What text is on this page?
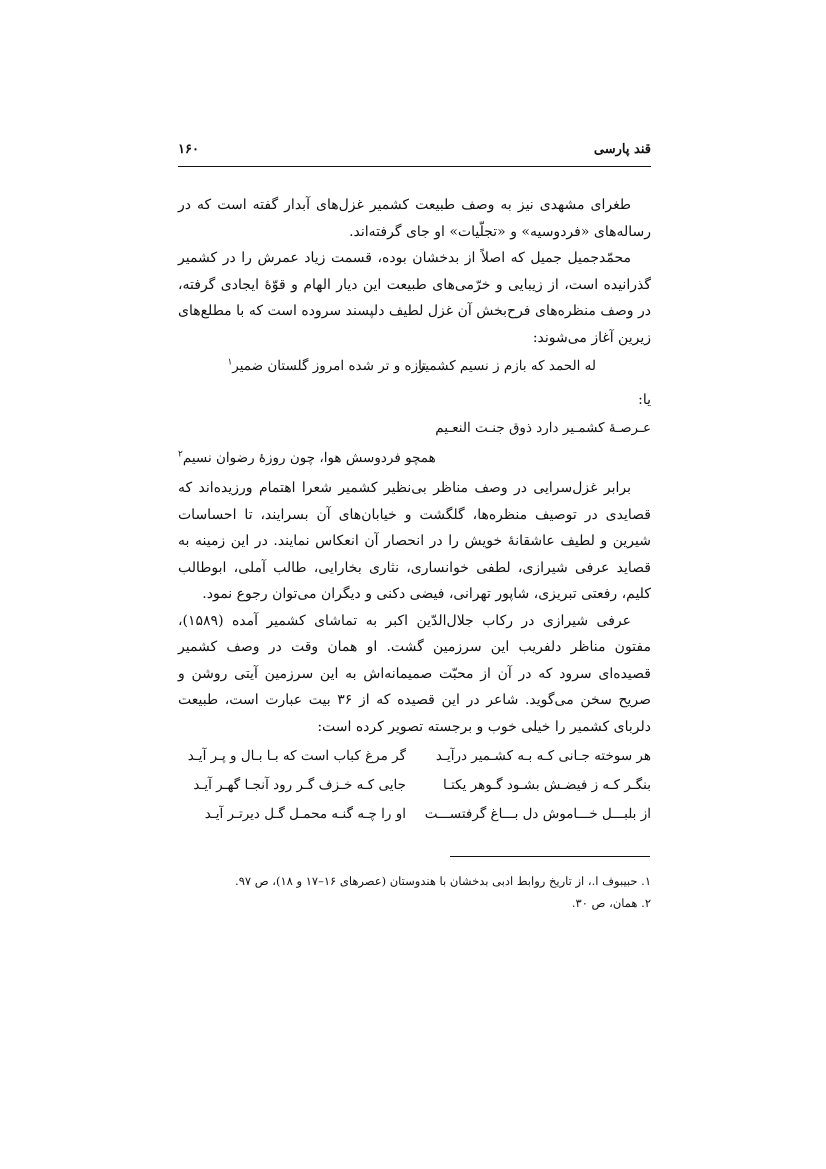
قند پارسی
۱۶۰

طغرای مشهدی نیز به وصف طبیعت کشمیر غزل‌های آبدار گفته است که در رساله‌های «فردوسیه» و «تجلّیات» او جای گرفته‌اند.

محمّدجمیل جمیل که اصلاً از بدخشان بوده، قسمت زیاد عمرش را در کشمیر گذرانیده است، از زیبایی و خرّمی‌های طبیعت این دیار الهام و قوّهٔ ایجادی گرفته، در وصف منظره‌های فرح‌بخش آن غزل لطیف دلپسند سروده است که با مطلع‌های زیرین آغاز می‌شوند:

له الحمد که بازم ز نسیم کشمیر
تازه و تر شده امروز گلستان ضمیر$^۱$
یا:
عـرصـهٔ کشمـیر دارد ذوق جنـت النعـیم
همچو فردوسش هوا، چون روزهٔ رضوان نسیم$^۲$

برابر غزل‌سرایی در وصف مناظر بی‌نظیر کشمیر شعرا اهتمام ورزیده‌اند که قصایدی در توصیف منظره‌ها، گلگشت و خیابان‌های آن بسرایند، تا احساسات شیرین و لطیف عاشقانهٔ خویش را در انحصار آن انعکاس نمایند. در این زمینه به قصاید عرفی شیرازی، لطفی خوانساری، نثاری بخارایی، طالب آملی، ابوطالب کلیم، رفعتی تبریزی، شاپور تهرانی، فیضی دکنی و دیگران می‌توان رجوع نمود.

عرفی شیرازی در رکاب جلال‌الدّین اکبر به تماشای کشمیر آمده (۱۵۸۹)، مفتون مناظر دلفریب این سرزمین گشت. او همان وقت در وصف کشمیر قصیده‌ای سرود که در آن از محبّت صمیمانه‌اش به این سرزمین آیتی روشن و صریح سخن می‌گوید. شاعر در این قصیده که از ۳۶ بیت عبارت است، طبیعت دلربای کشمیر را خیلی خوب و برجسته تصویر کرده است:

هر سوخته جـانی کـه بـه کشـمیر درآیـد
گر مرغ کباب است که بـا بـال و پـر آیـد
بنگـر کـه ز فیضـش بشـود گـوهر یکتـا
جایی کـه خـزف گـر رود آنجـا گهـر آیـد
از بلبـــل خـــاموش دل بـــاغ گرفتســـت
او را چـه گنـه محمـل گـل دیرتـر آیـد

۱. حبیبوف ا.، از تاریخ روابط ادبی بدخشان با هندوستان (عصرهای ۱۶–۱۷ و ۱۸)، ص ۹۷.

۲. همان، ص ۳۰.
